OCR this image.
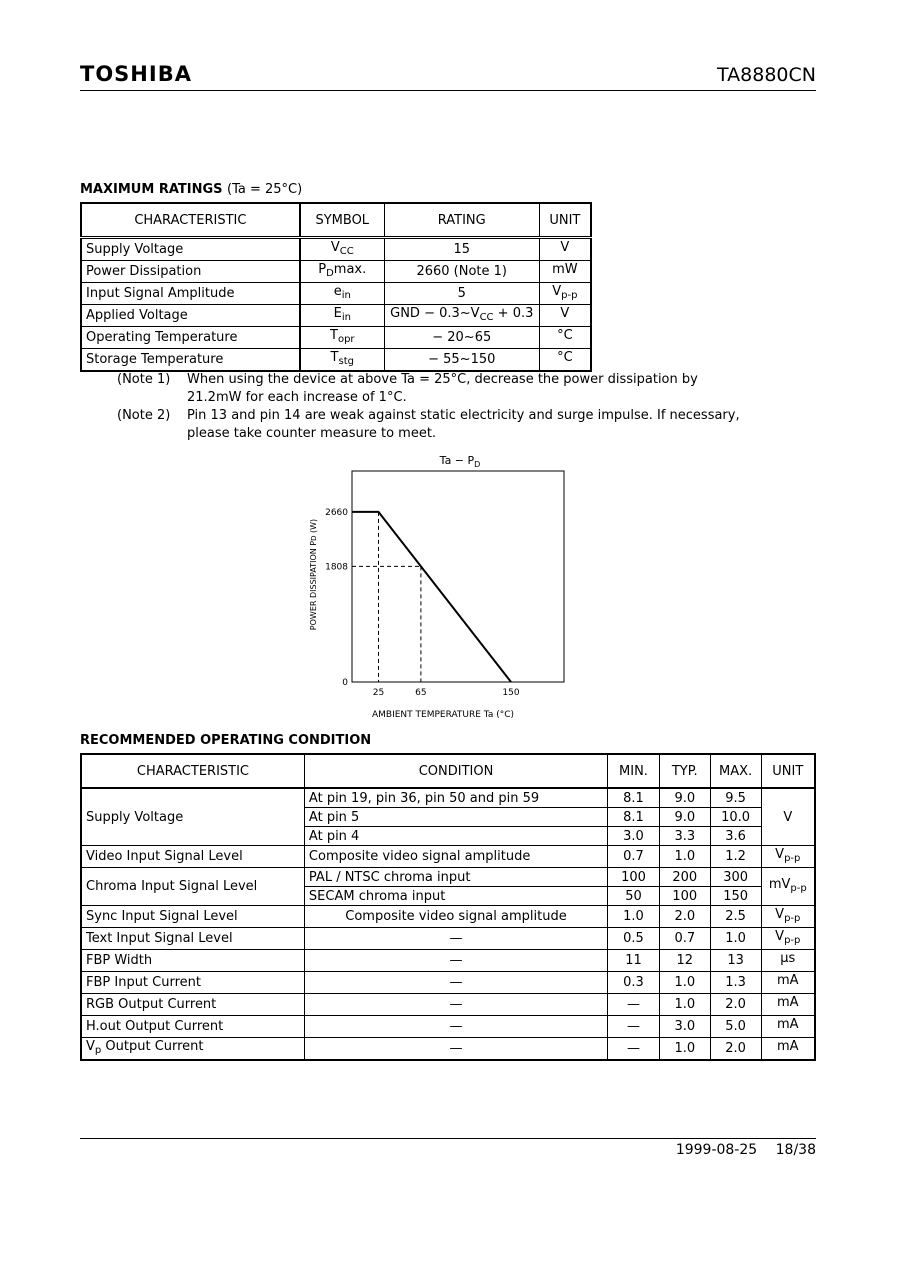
TOSHIBA	TA8880CN
MAXIMUM RATINGS (Ta = 25°C)
CHARACTERISTIC	SYMBOL	RATING	UNIT
Supply Voltage	$V_{CC}$	15	V
Power Dissipation	$P_D\max$.	2660 (Note 1)	mW
Input Signal Amplitude	$e_{in}$	5	$V_{p-p}$
Applied Voltage	$E_{in}$	GND − $0.3\sim V_{CC} + 0.3$	V
Operating Temperature	$T_{opr}$	− 20~65	°C
Storage Temperature	$T_{stg}$	− 55~150	°C
(Note 1)	When using the device at above Ta = 25°C, decrease the power dissipation by 21.2mW for each increase of 1°C.
(Note 2)	Pin 13 and pin 14 are weak against static electricity and surge impulse. If necessary, please take counter measure to meet.
25	65	150
0
1808
2660
$Ta - P_D$
AMBIENT TEMPERATURE Ta (°C)
POWER DISSIPATION PD (W)
RECOMMENDED OPERATING CONDITION
CHARACTERISTIC	CONDITION	MIN.	TYP.	MAX.	UNIT
Supply Voltage	At pin 19, pin 36, pin 50 and pin 59	8.1	9.0	9.5	V
	At pin 5	8.1	9.0	10.0	
	At pin 4	3.0	3.3	3.6	
Video Input Signal Level	Composite video signal amplitude	0.7	1.0	1.2	$V_{p-p}$
Chroma Input Signal Level	PAL / NTSC chroma input	100	200	300	$mV_{p-p}$
	SECAM chroma input	50	100	150	
Sync Input Signal Level	Composite video signal amplitude	1.0	2.0	2.5	$V_{p-p}$
Text Input Signal Level	—	0.5	0.7	1.0	$V_{p-p}$
FBP Width	—	11	12	13	μs
FBP Input Current	—	0.3	1.0	1.3	mA
RGB Output Current	—	—	1.0	2.0	mA
H.out Output Current	—	—	3.0	5.0	mA
$V_p$ Output Current	—	—	1.0	2.0	mA
1999-08-25 18/38
